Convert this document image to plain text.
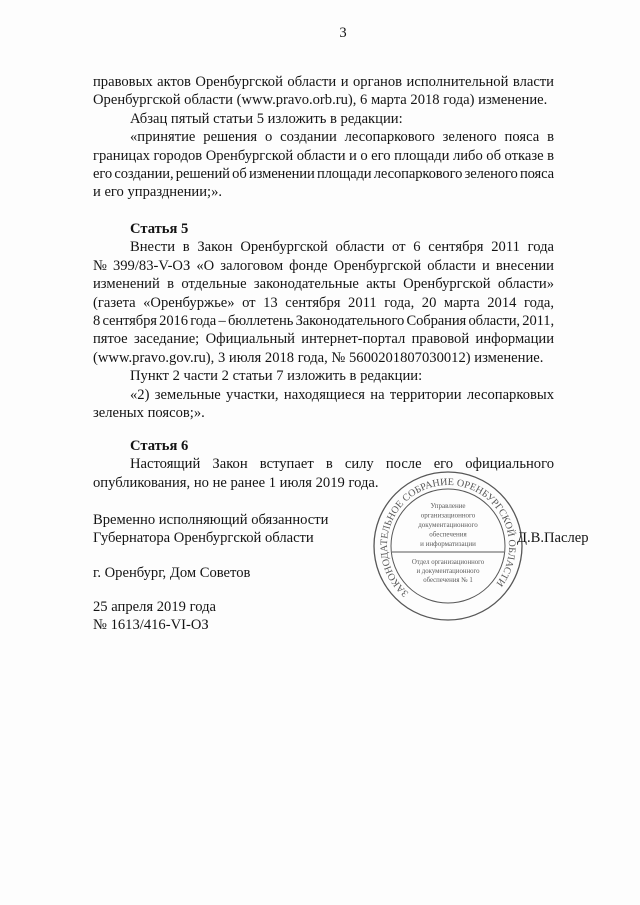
3
правовых актов Оренбургской области и органов исполнительной власти
Оренбургской области (www.pravo.orb.ru), 6 марта 2018 года) изменение.
Абзац пятый статьи 5 изложить в редакции:
«принятие решения о создании лесопаркового зеленого пояса в
границах городов Оренбургской области и о его площади либо об отказе в
его создании, решений об изменении площади лесопаркового зеленого пояса
и его упразднении;».
Статья 5
Внести в Закон Оренбургской области от 6 сентября 2011 года
№ 399/83-V-ОЗ «О залоговом фонде Оренбургской области и внесении
изменений в отдельные законодательные акты Оренбургской области»
(газета «Оренбуржье» от 13 сентября 2011 года, 20 марта 2014 года,
8 сентября 2016 года – бюллетень Законодательного Собрания области, 2011,
пятое заседание; Официальный интернет-портал правовой информации
(www.pravo.gov.ru), 3 июля 2018 года, № 5600201807030012) изменение.
Пункт 2 части 2 статьи 7 изложить в редакции:
«2) земельные участки, находящиеся на территории лесопарковых
зеленых поясов;».
Статья 6
Настоящий Закон вступает в силу после его официального
опубликования, но не ранее 1 июля 2019 года.
ЗАКОНОДАТЕЛЬНОЕ СОБРАНИЕ ОРЕНБУРГСКОЙ ОБЛАСТИ
Управление
организационного
документационного
обеспечения
и информатизации
Отдел организационного
и документационного
обеспечения № 1
Временно исполняющий обязанности
Губернатора Оренбургской области	Д.В.Паслер
г. Оренбург, Дом Советов
25 апреля 2019 года
№ 1613/416-VI-ОЗ
